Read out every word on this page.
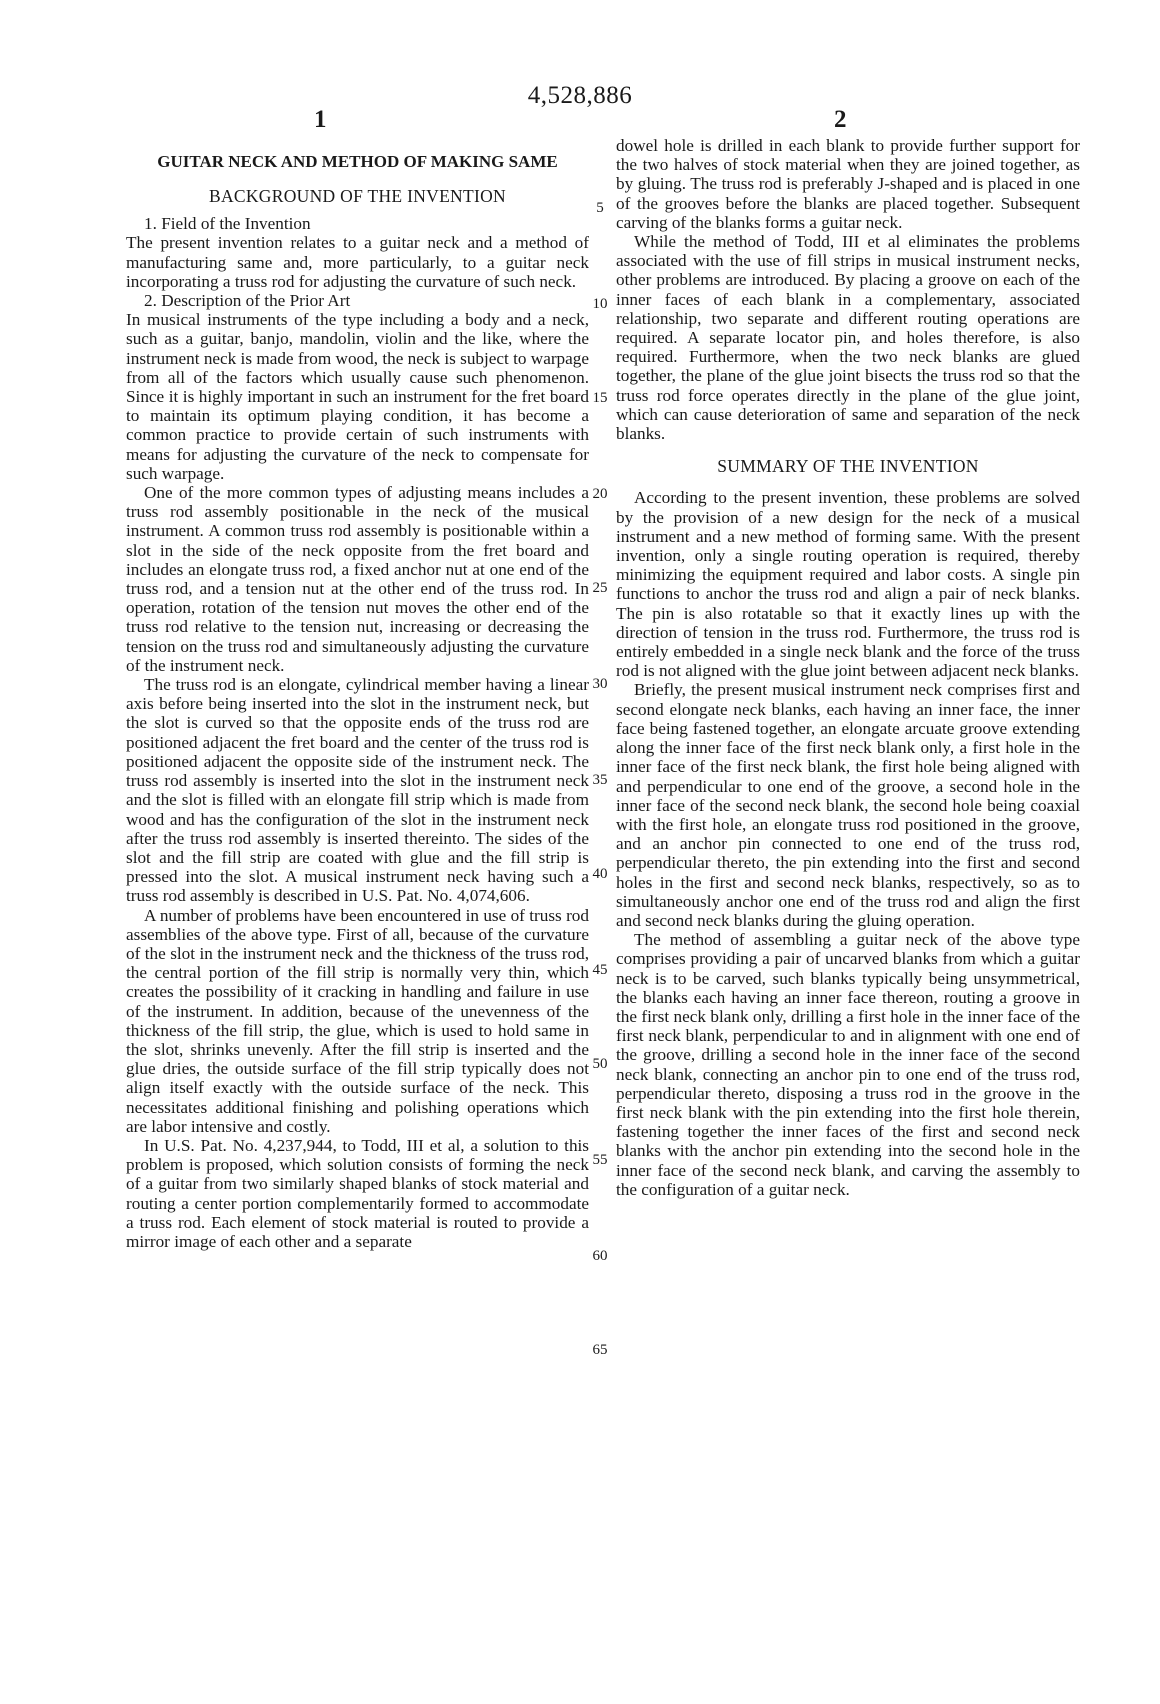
4,528,886
1	2
GUITAR NECK AND METHOD OF MAKING SAME
BACKGROUND OF THE INVENTION
1. Field of the Invention

The present invention relates to a guitar neck and a method of manufacturing same and, more particularly, to a guitar neck incorporating a truss rod for adjusting the curvature of such neck.

2. Description of the Prior Art

In musical instruments of the type including a body and a neck, such as a guitar, banjo, mandolin, violin and the like, where the instrument neck is made from wood, the neck is subject to warpage from all of the factors which usually cause such phenomenon. Since it is highly important in such an instrument for the fret board to maintain its optimum playing condition, it has become a common practice to provide certain of such instruments with means for adjusting the curvature of the neck to compensate for such warpage.

One of the more common types of adjusting means includes a truss rod assembly positionable in the neck of the musical instrument. A common truss rod assembly is positionable within a slot in the side of the neck opposite from the fret board and includes an elongate truss rod, a fixed anchor nut at one end of the truss rod, and a tension nut at the other end of the truss rod. In operation, rotation of the tension nut moves the other end of the truss rod relative to the tension nut, increasing or decreasing the tension on the truss rod and simultaneously adjusting the curvature of the instrument neck.

The truss rod is an elongate, cylindrical member having a linear axis before being inserted into the slot in the instrument neck, but the slot is curved so that the opposite ends of the truss rod are positioned adjacent the fret board and the center of the truss rod is positioned adjacent the opposite side of the instrument neck. The truss rod assembly is inserted into the slot in the instrument neck and the slot is filled with an elongate fill strip which is made from wood and has the configuration of the slot in the instrument neck after the truss rod assembly is inserted thereinto. The sides of the slot and the fill strip are coated with glue and the fill strip is pressed into the slot. A musical instrument neck having such a truss rod assembly is described in U.S. Pat. No. 4,074,606.

A number of problems have been encountered in use of truss rod assemblies of the above type. First of all, because of the curvature of the slot in the instrument neck and the thickness of the truss rod, the central portion of the fill strip is normally very thin, which creates the possibility of it cracking in handling and failure in use of the instrument. In addition, because of the unevenness of the thickness of the fill strip, the glue, which is used to hold same in the slot, shrinks unevenly. After the fill strip is inserted and the glue dries, the outside surface of the fill strip typically does not align itself exactly with the outside surface of the neck. This necessitates additional finishing and polishing operations which are labor intensive and costly.

In U.S. Pat. No. 4,237,944, to Todd, III et al, a solution to this problem is proposed, which solution consists of forming the neck of a guitar from two similarly shaped blanks of stock material and routing a center portion complementarily formed to accommodate a truss rod. Each element of stock material is routed to provide a mirror image of each other and a separate

5
10
15
20
25
30
35
40
45
50
55
60
65

dowel hole is drilled in each blank to provide further support for the two halves of stock material when they are joined together, as by gluing. The truss rod is preferably J-shaped and is placed in one of the grooves before the blanks are placed together. Subsequent carving of the blanks forms a guitar neck.

While the method of Todd, III et al eliminates the problems associated with the use of fill strips in musical instrument necks, other problems are introduced. By placing a groove on each of the inner faces of each blank in a complementary, associated relationship, two separate and different routing operations are required. A separate locator pin, and holes therefore, is also required. Furthermore, when the two neck blanks are glued together, the plane of the glue joint bisects the truss rod so that the truss rod force operates directly in the plane of the glue joint, which can cause deterioration of same and separation of the neck blanks.

SUMMARY OF THE INVENTION

According to the present invention, these problems are solved by the provision of a new design for the neck of a musical instrument and a new method of forming same. With the present invention, only a single routing operation is required, thereby minimizing the equipment required and labor costs. A single pin functions to anchor the truss rod and align a pair of neck blanks. The pin is also rotatable so that it exactly lines up with the direction of tension in the truss rod. Furthermore, the truss rod is entirely embedded in a single neck blank and the force of the truss rod is not aligned with the glue joint between adjacent neck blanks.

Briefly, the present musical instrument neck comprises first and second elongate neck blanks, each having an inner face, the inner face being fastened together, an elongate arcuate groove extending along the inner face of the first neck blank only, a first hole in the inner face of the first neck blank, the first hole being aligned with and perpendicular to one end of the groove, a second hole in the inner face of the second neck blank, the second hole being coaxial with the first hole, an elongate truss rod positioned in the groove, and an anchor pin connected to one end of the truss rod, perpendicular thereto, the pin extending into the first and second holes in the first and second neck blanks, respectively, so as to simultaneously anchor one end of the truss rod and align the first and second neck blanks during the gluing operation.

The method of assembling a guitar neck of the above type comprises providing a pair of uncarved blanks from which a guitar neck is to be carved, such blanks typically being unsymmetrical, the blanks each having an inner face thereon, routing a groove in the first neck blank only, drilling a first hole in the inner face of the first neck blank, perpendicular to and in alignment with one end of the groove, drilling a second hole in the inner face of the second neck blank, connecting an anchor pin to one end of the truss rod, perpendicular thereto, disposing a truss rod in the groove in the first neck blank with the pin extending into the first hole therein, fastening together the inner faces of the first and second neck blanks with the anchor pin extending into the second hole in the inner face of the second neck blank, and carving the assembly to the configuration of a guitar neck.
